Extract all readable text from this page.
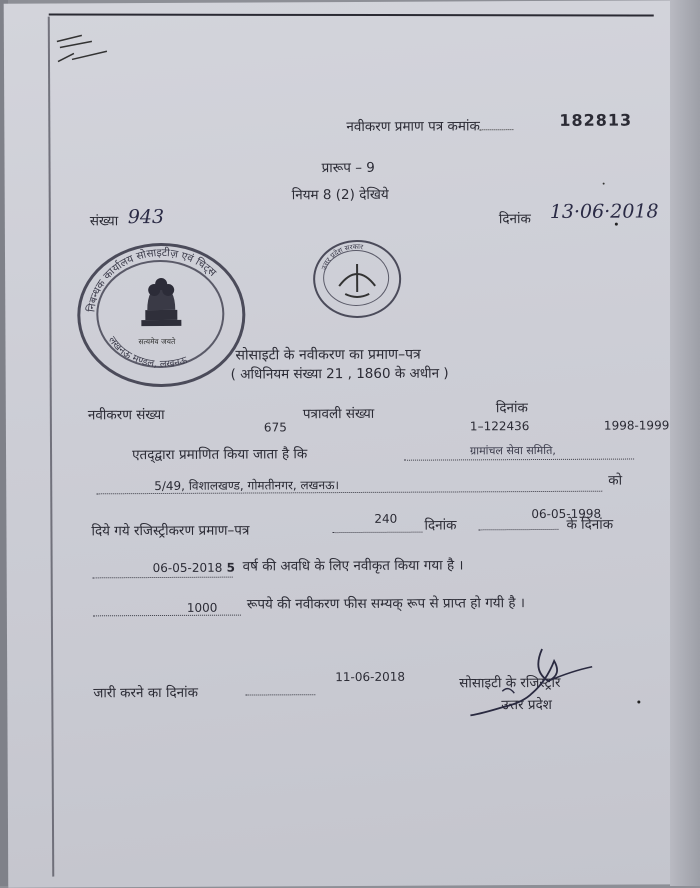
नवीकरण प्रमाण पत्र कमांक	182813
प्रारूप – 9
नियम 8 (2) देखिये
संख्या 943	दिनांक 13·06·2018
निबन्धक कार्यालय सोसाइटीज़ एवं चिट्स
लखनऊ मण्डल, लखनऊ
सत्यमेव जयते
उत्तर प्रदेश सरकार
सोसाइटी के नवीकरण का प्रमाण–पत्र
( अधिनियम संख्या 21 , 1860 के अधीन )
नवीकरण संख्या	पत्रावली संख्या	दिनांक
675	1–122436	1998-1999
एतद्‌द्वारा प्रमाणित किया जाता है कि	ग्रामांचल सेवा समिति,
5/49, विशालखण्ड, गोमतीनगर, लखनऊ।	को
दिये गये रजिस्ट्रीकरण प्रमाण–पत्र
240 दिनांक
06-05-1998
के दिनांक
06-05-2018 5 वर्ष की अवधि के लिए नवीकृत किया गया है ।
1000 रूपये की नवीकरण फीस सम्यक् रूप से प्राप्त हो गयी है ।
जारी करने का दिनांक
11-06-2018	सोसाइटी के रजिस्ट्रार
उत्तर प्रदेश
